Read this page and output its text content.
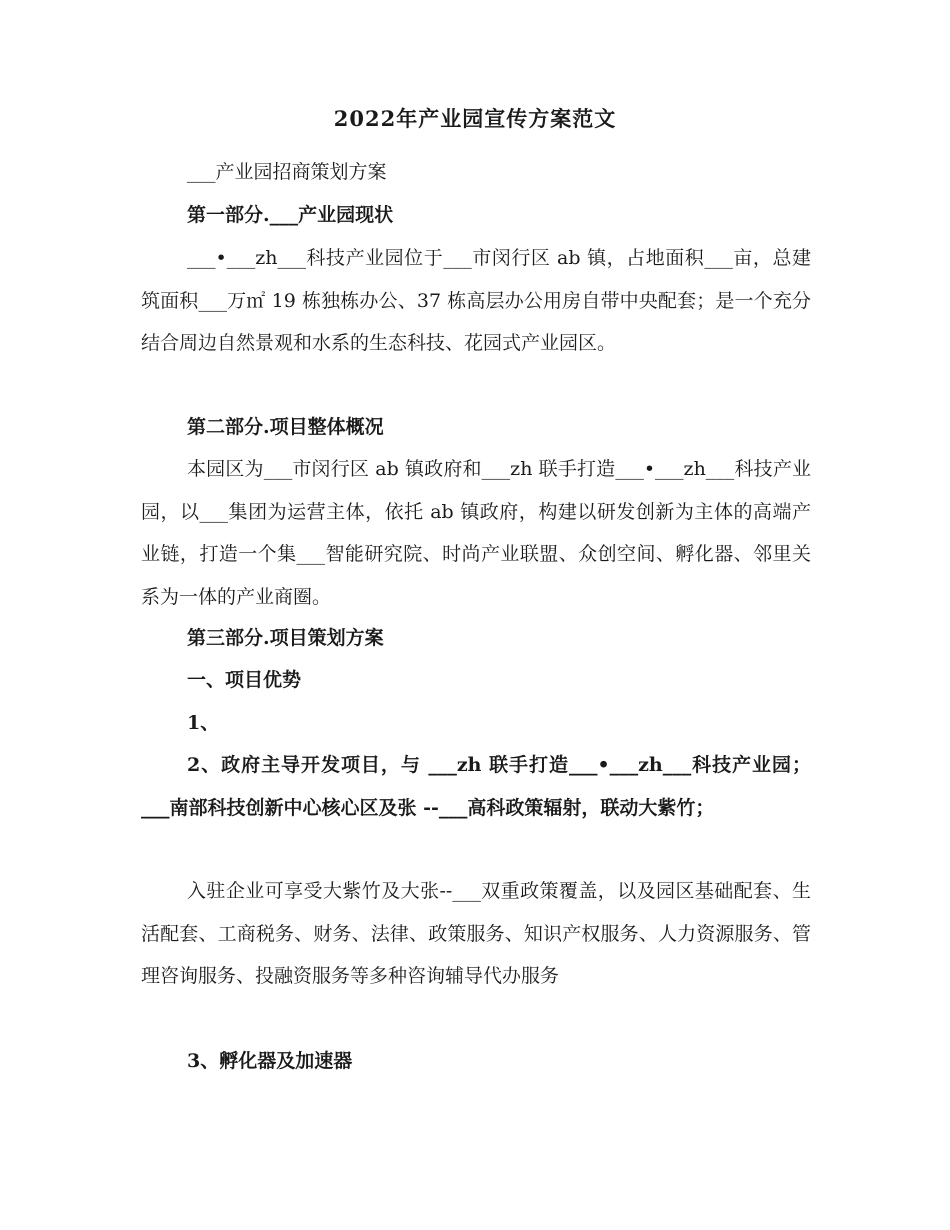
2022年产业园宣传方案范文
___产业园招商策划方案
第一部分.___产业园现状
___•___zh___科技产业园位于___市闵行区 ab 镇，占地面积___亩，总建筑面积___万㎡ 19 栋独栋办公、37 栋高层办公用房自带中央配套；是一个充分结合周边自然景观和水系的生态科技、花园式产业园区。
第二部分.项目整体概况
本园区为___市闵行区 ab 镇政府和___zh 联手打造___•___zh___科技产业园，以___集团为运营主体，依托 ab 镇政府，构建以研发创新为主体的高端产业链，打造一个集___智能研究院、时尚产业联盟、众创空间、孵化器、邻里关系为一体的产业商圈。
第三部分.项目策划方案
一、项目优势
1、
2、政府主导开发项目，与 ___zh 联手打造___•___zh___科技产业园；___南部科技创新中心核心区及张 --___高科政策辐射，联动大紫竹；
入驻企业可享受大紫竹及大张--___双重政策覆盖，以及园区基础配套、生活配套、工商税务、财务、法律、政策服务、知识产权服务、人力资源服务、管理咨询服务、投融资服务等多种咨询辅导代办服务
3、孵化器及加速器
